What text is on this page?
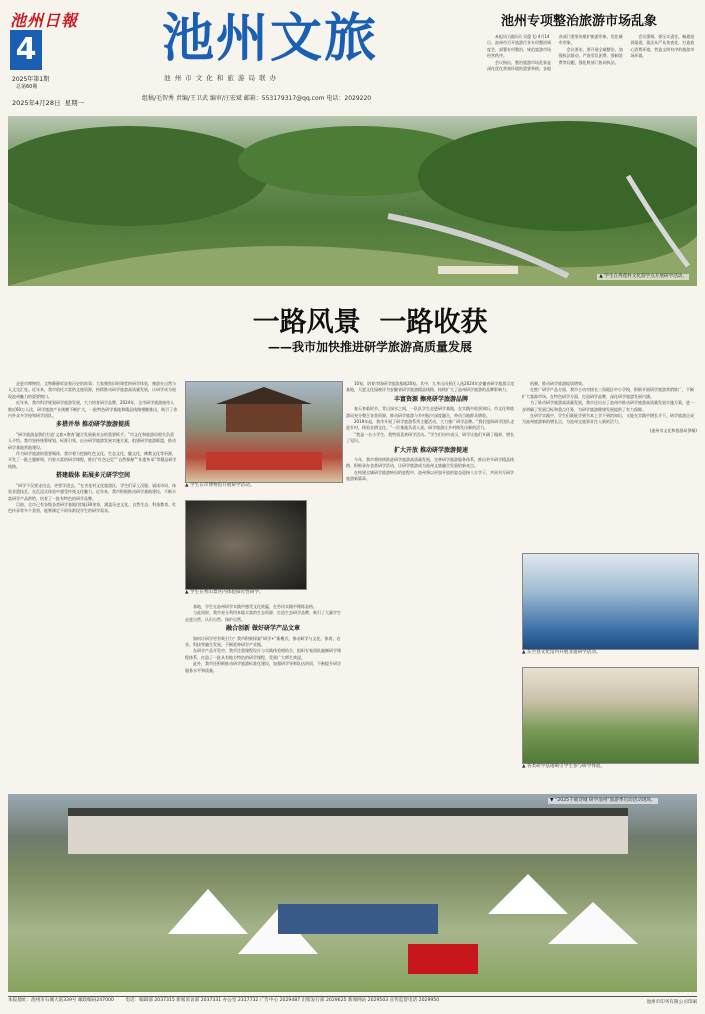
池州日報
4
2025年第1期
总第60期
2025年4月28日 星期一
池州文旅
池 州 市 文 化 和 旅 游 局 联 办
组稿/毛智秀 责编/王卫武 编审/汪宏斌 邮箱：553179317@qq.com 电话：2029220
池州专项整治旅游市场乱象

本报讯 (通讯员 吴俊飞) 4月14日，池州市召开旅游行业专项整治调度会，部署专项整治，规范旅游市场经营秩序。

会议指出，整治旅游市场乱象是深化优化营商环境的重要举措。各地各部门要坚决维护旅游形象，优化城市形象。

会议要求，要开展全域整治，加强执法联动，严查零负团费、强制消费等问题，强化跨部门协同执法。

会议强调，要压实责任，畅通投诉渠道，依法从严从快查处，打造放心消费环境，营造文明有序的旅游市场环境。

▲ 学生在秀莲村文化游学点开展研学活动。
一路风景  一路收获
——我市加快推进研学旅游高质量发展

走进市博物馆，文物静静诉说着历史的故事；大家聚焦旧时课堂的研学体验，遨游在自然与人文交汇处。近年来，我市依托丰富的文旅资源，持续推动研学旅游高质量发展，让研学成为展现池州魅力的重要窗口。

近年来，我市科学规划研学旅游发展，大力培育研学品牌，2024年，全市研学旅游接待人数近60万人次，研学旅游产业规模不断扩大，一批特色研学基地和精品线路相继推出，吸引了省内外众多学校和研学团队。

多措并举 推动研学旅游提质

“研学旅游是我们打造‘文旅+教育’融合发展新业态的重要抓手。”市文化和旅游局相关负责人介绍。我市坚持统筹规划、标准引领，出台研学旅游发展实施方案，组建研学旅游联盟，推动研学基地营地建设。

作为研学旅游的重要载体，我市着力挖掘红色文化、生态文化、徽文化、佛教文化等资源，开发了一批主题鲜明、内容丰富的研学课程，推出“红色记忆”“自然探秘”“非遗传承”等精品研学线路。

搭建载体 拓展多元研学空间

“研学不仅要走出去，更要学进去。”在杏花村文化旅游区，学生们穿上汉服、诵读诗词、体验非遗技艺，在沉浸式体验中感受传统文化魅力。近年来，我市积极推动研学基地建设，不断丰富研学产品供给，培育了一批有特色的研学品牌。

目前，全市已有各级各类研学基地(营地)30余家，涵盖历史文化、自然生态、科技教育、红色传承等多个类别，能够满足不同年龄段学生的研学需求。

▲ 学生在市博物馆开展研学活动。
▲ 学生在秀山景区内体验探究性研学。

基地，学生在池州研学实践中感受文化底蕴，在劳动实践中锤炼品格。

与此同时，我市充分利用本地丰富的生态资源，打造生态研学品牌，吸引了大量学生走进自然、认识自然、保护自然。

融合创新 做好研学产品文章

如何让研学更有吸引力？我市积极探索“研学+”新模式，推动研学与文化、体育、农业、科技等融合发展，不断延伸研学产业链。

在研学产品开发中，我市注重课程设计与实践体验相结合，组织专家团队编制研学课程体系，打造了一批具有地方特色的研学课程，受到广大师生欢迎。

此外，我市还积极推动研学旅游标准化建设，加强研学导师队伍培训，不断提升研学服务水平和质量。

10家，培育市级研学旅游基地20家。其中，九华山风景区入选2024年安徽省研学旅游示范基地，大愿文化园被评为安徽省研学旅游精品线路，持续扩大了池州研学旅游的品牌影响力。

丰富资源 擦亮研学旅游品牌

春天来临时节，青山绿水之间，一队队学生走进研学基地，在实践中收获知识。市文化和旅游局充分整合各类资源，推动研学旅游与乡村振兴深度融合，带动当地群众增收。

2019年起，我市开展了研学旅游系列主题活动，大力推广研学品牌。“我们组织研学团队走进乡村，体验农耕文化。”一位基地负责人说，研学旅游让乡村焕发出新的活力。

“我是一名小学生，我特别喜欢研学活动。”学生们纷纷表示，研学让他们开阔了眼界、增长了见识。

扩大开放 推动研学旅游提速

今年，我市将持续推进研学旅游高质量发展，完善研学旅游服务体系，推出更多研学精品线路，积极承办各类研学活动，让研学旅游成为池州文旅融合发展的新亮点。

在构建全域研学旅游格局的进程中，池州将以更加开放的姿态迎接八方学子，共同书写研学旅游新篇章。

机制，推动研学旅游提质增效。

在推广研学产品方面，我市主动对接长三角地区中小学校，积极开展研学旅游营销推广，不断扩大客源市场。在特色研学方面，打造研学品牌，深化研学旅游发展内涵。

为了推动研学旅游高质量发展，我市还出台了池州市推动研学旅游高质量发展实施方案，进一步明确了发展目标和重点任务，为研学旅游健康发展提供了有力保障。

在研学实践中，学生们既能学到书本上学不到的知识，又能在实践中增长才干。研学旅游正成为池州旅游新的增长点，为池州文旅事业注入新的活力。

(池州市文化和旅游局供稿)
▲ 东至县文化馆内开展非遗研学活动。
▲ 各类研学基地吸引学生参与研学体验。
▼ “2025千载诗城 研学池州”旅游季启动活动现场。
本报地址：池州市石城大道339号 邮政编码247000 电话：编辑部 2037315 新闻采访部 2037331 办公室 2317732 广告中心 2029487 出版发行部 2029625 新闻网站 2029503 宣传监督电话 2029950	池州市印务有限公司印刷
